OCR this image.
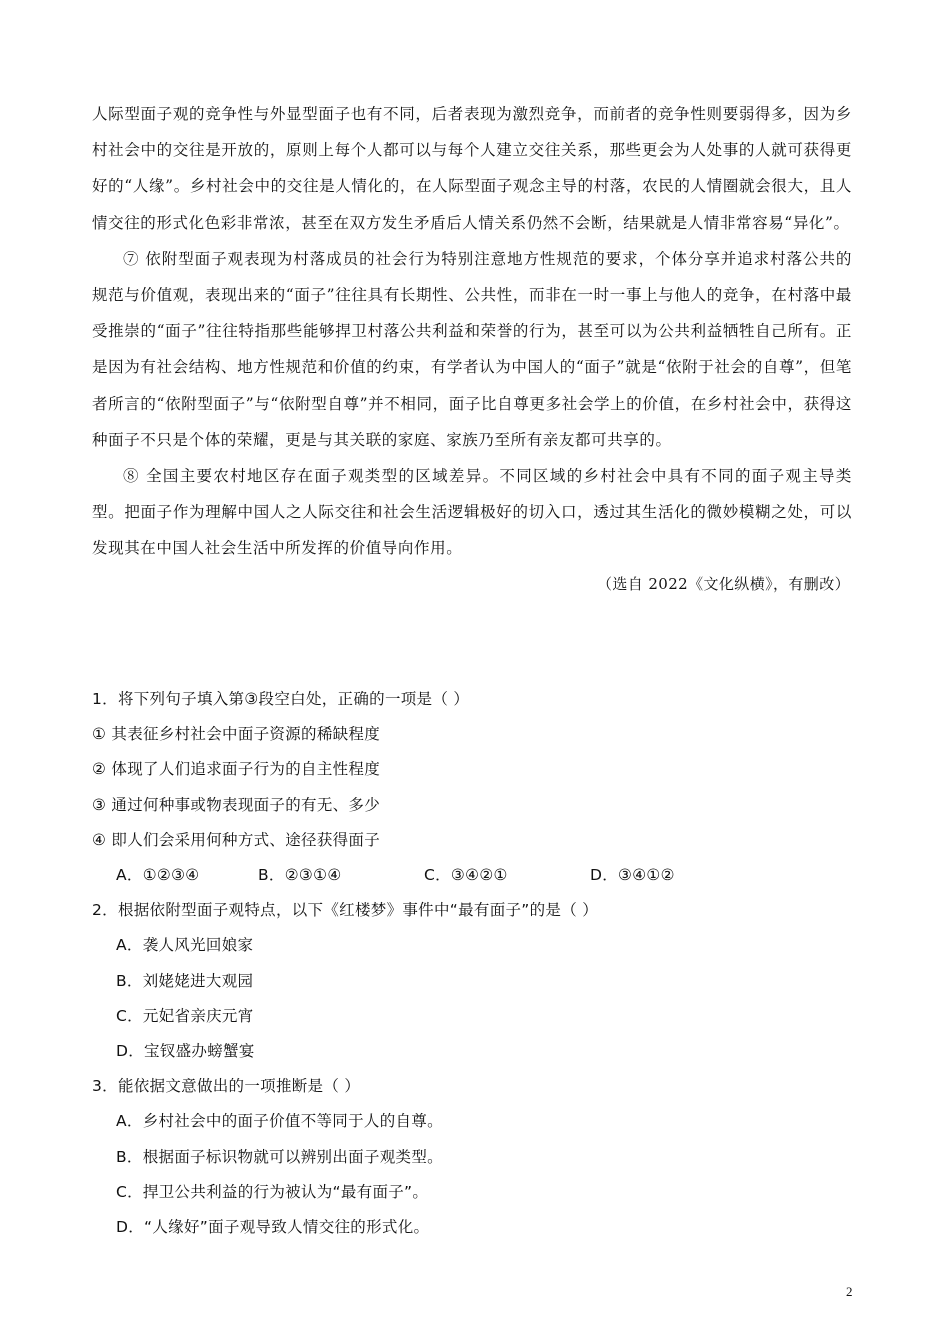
人际型面子观的竞争性与外显型面子也有不同，后者表现为激烈竞争，而前者的竞争性则要弱得多，因为乡村社会中的交往是开放的，原则上每个人都可以与每个人建立交往关系，那些更会为人处事的人就可获得更好的“人缘”。乡村社会中的交往是人情化的，在人际型面子观念主导的村落，农民的人情圈就会很大，且人情交往的形式化色彩非常浓，甚至在双方发生矛盾后人情关系仍然不会断，结果就是人情非常容易“异化”。

⑦ 依附型面子观表现为村落成员的社会行为特别注意地方性规范的要求，个体分享并追求村落公共的规范与价值观，表现出来的“面子”往往具有长期性、公共性，而非在一时一事上与他人的竞争，在村落中最受推崇的“面子”往往特指那些能够捍卫村落公共利益和荣誉的行为，甚至可以为公共利益牺牲自己所有。正是因为有社会结构、地方性规范和价值的约束，有学者认为中国人的“面子”就是“依附于社会的自尊”，但笔者所言的“依附型面子”与“依附型自尊”并不相同，面子比自尊更多社会学上的价值，在乡村社会中，获得这种面子不只是个体的荣耀，更是与其关联的家庭、家族乃至所有亲友都可共享的。

⑧ 全国主要农村地区存在面子观类型的区域差异。不同区域的乡村社会中具有不同的面子观主导类型。把面子作为理解中国人之人际交往和社会生活逻辑极好的切入口，透过其生活化的微妙模糊之处，可以发现其在中国人社会生活中所发挥的价值导向作用。

（选自 2022《文化纵横》，有删改）

1．将下列句子填入第③段空白处，正确的一项是（ ）

① 其表征乡村社会中面子资源的稀缺程度

② 体现了人们追求面子行为的自主性程度

③ 通过何种事或物表现面子的有无、多少

④ 即人们会采用何种方式、途径获得面子

A．①②③④	B．②③①④	C．③④②①	D．③④①②

2．根据依附型面子观特点，以下《红楼梦》事件中“最有面子”的是（ ）

A．袭人风光回娘家

B．刘姥姥进大观园

C．元妃省亲庆元宵

D．宝钗盛办螃蟹宴

3．能依据文意做出的一项推断是（ ）

A．乡村社会中的面子价值不等同于人的自尊。

B．根据面子标识物就可以辨别出面子观类型。

C．捍卫公共利益的行为被认为“最有面子”。

D．“人缘好”面子观导致人情交往的形式化。

2
